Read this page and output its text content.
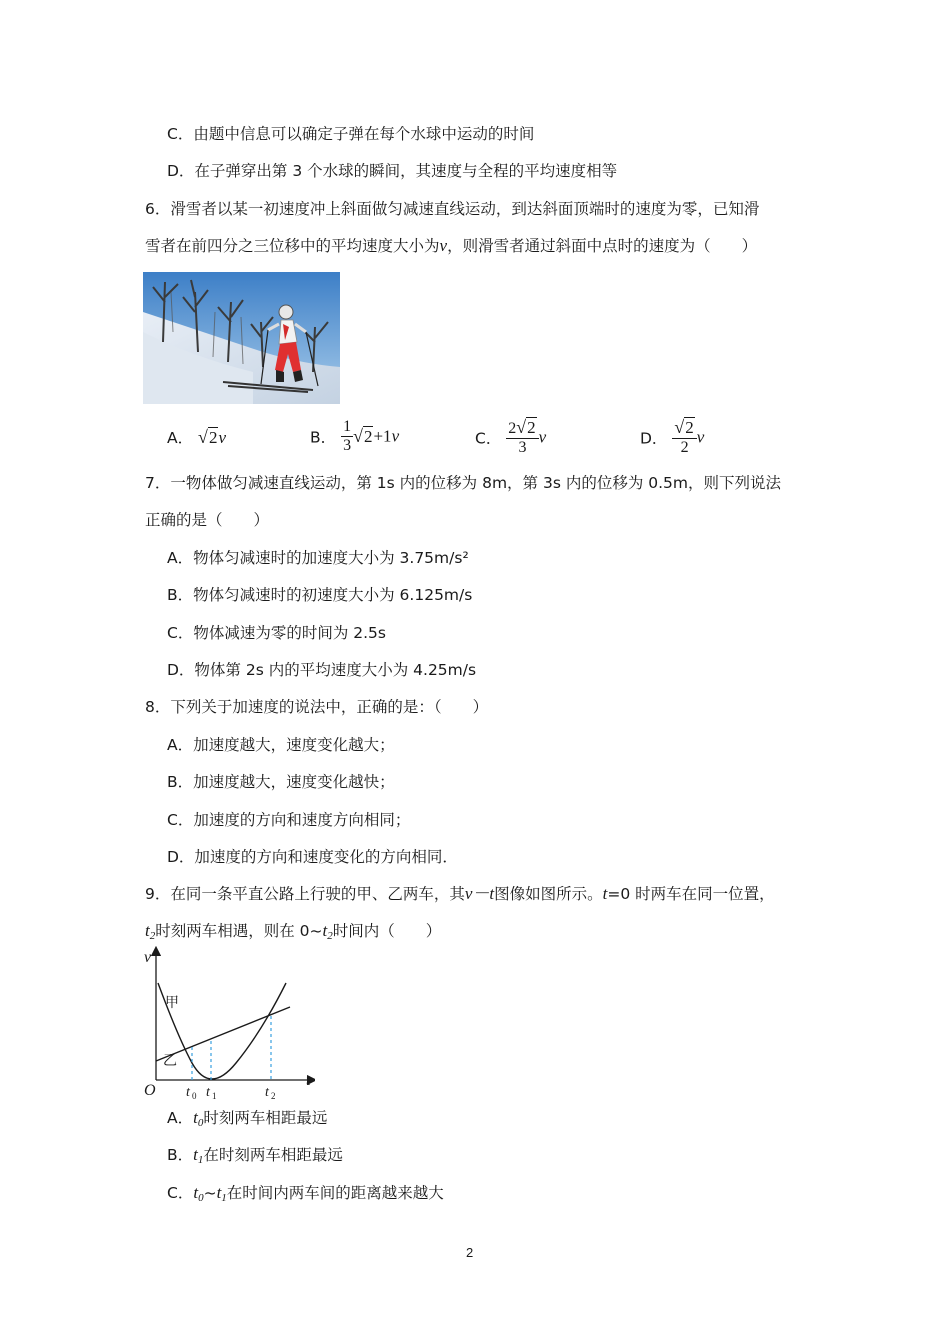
C．由题中信息可以确定子弹在每个水球中运动的时间
D．在子弹穿出第 3 个水球的瞬间，其速度与全程的平均速度相等
6．滑雪者以某一初速度冲上斜面做匀减速直线运动，到达斜面顶端时的速度为零，已知滑
雪者在前四分之三位移中的平均速度大小为v，则滑雪者通过斜面中点时的速度为（　　）
A． √2v	B． $\frac{1}{3} √2+1v$	C． $\frac{2√2}{3}$ v	D． $\frac{√2}{2}$ v
7．一物体做匀减速直线运动，第 1s 内的位移为 8m，第 3s 内的位移为 0.5m，则下列说法
正确的是（　　）
A．物体匀减速时的加速度大小为 3.75m/s²
B．物体匀减速时的初速度大小为 6.125m/s
C．物体减速为零的时间为 2.5s
D．物体第 2s 内的平均速度大小为 4.25m/s
8．下列关于加速度的说法中，正确的是：（　　）
A．加速度越大，速度变化越大；
B．加速度越大，速度变化越快；
C．加速度的方向和速度方向相同；
D．加速度的方向和速度变化的方向相同．
9．在同一条平直公路上行驶的甲、乙两车，其v－t图像如图所示。t=0 时两车在同一位置，
$t_2$时刻两车相遇，则在 $0\sim t_2$时间内（　　）
v
t
O
甲
乙
t 0 t 1	t 2
A．$t_0$时刻两车相距最远
B．$t_1$在时刻两车相距最远
C．$t_0\sim t_1$在时间内两车间的距离越来越大
2
